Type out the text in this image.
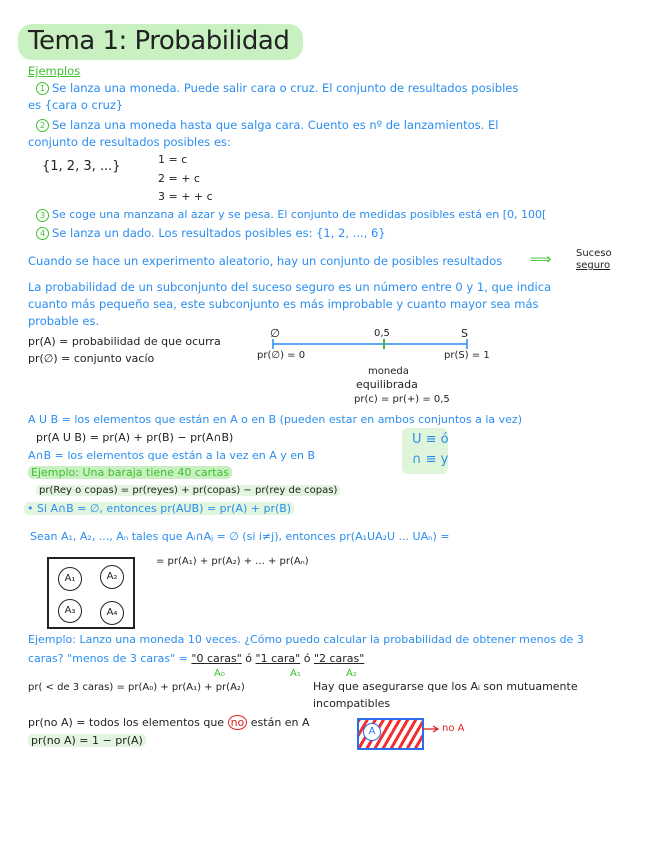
Tema 1: Probabilidad
Ejemplos
1 Se lanza una moneda. Puede salir cara o cruz. El conjunto de resultados posibles
es {cara o cruz}
2 Se lanza una moneda hasta que salga cara. Cuento es nº de lanzamientos. El
conjunto de resultados posibles es:
{1, 2, 3, ...}	1 = c
2 = + c
3 = + + c
3 Se coge una manzana al azar y se pesa. El conjunto de medidas posibles está en [0, 100[
4 Se lanza un dado. Los resultados posibles es: {1, 2, ..., 6}
Cuando se hace un experimento aleatorio, hay un conjunto de posibles resultados ⟹ Suceso
seguro
La probabilidad de un subconjunto del suceso seguro es un número entre 0 y 1, que indica
cuanto más pequeño sea, este subconjunto es más improbable y cuanto mayor sea más
probable es.
pr(A) = probabilidad de que ocurra
pr(∅) = conjunto vacío
∅	0,5	S
pr(∅) = 0	pr(S) = 1
moneda
equilibrada
pr(c) = pr(+) = 0,5
A U B = los elementos que están en A o en B (pueden estar en ambos conjuntos a la vez)
pr(A U B) = pr(A) + pr(B) − pr(A∩B)
A∩B = los elementos que están a la vez en A y en B
U ≡ ó
∩ ≡ y
Ejemplo: Una baraja tiene 40 cartas
pr(Rey o copas) = pr(reyes) + pr(copas) − pr(rey de copas)
• Si A∩B = ∅, entonces pr(AUB) = pr(A) + pr(B)
Sean A₁, A₂, ..., Aₙ tales que Aᵢ∩Aⱼ = ∅ (si i≠j), entonces pr(A₁UA₂U ... UAₙ) =
A₁	A₂
A₃	A₄
= pr(A₁) + pr(A₂) + ... + pr(Aₙ)
Ejemplo: Lanzo una moneda 10 veces. ¿Cómo puedo calcular la probabilidad de obtener menos de 3
caras? "menos de 3 caras" = "0 caras" ó "1 cara" ó "2 caras"
A₀	A₁	A₂
pr( < de 3 caras) = pr(A₀) + pr(A₁) + pr(A₂)	Hay que asegurarse que los Aᵢ son mutuamente
incompatibles
pr(no A) = todos los elementos que no están en A
pr(no A) = 1 − pr(A)
A	no A
